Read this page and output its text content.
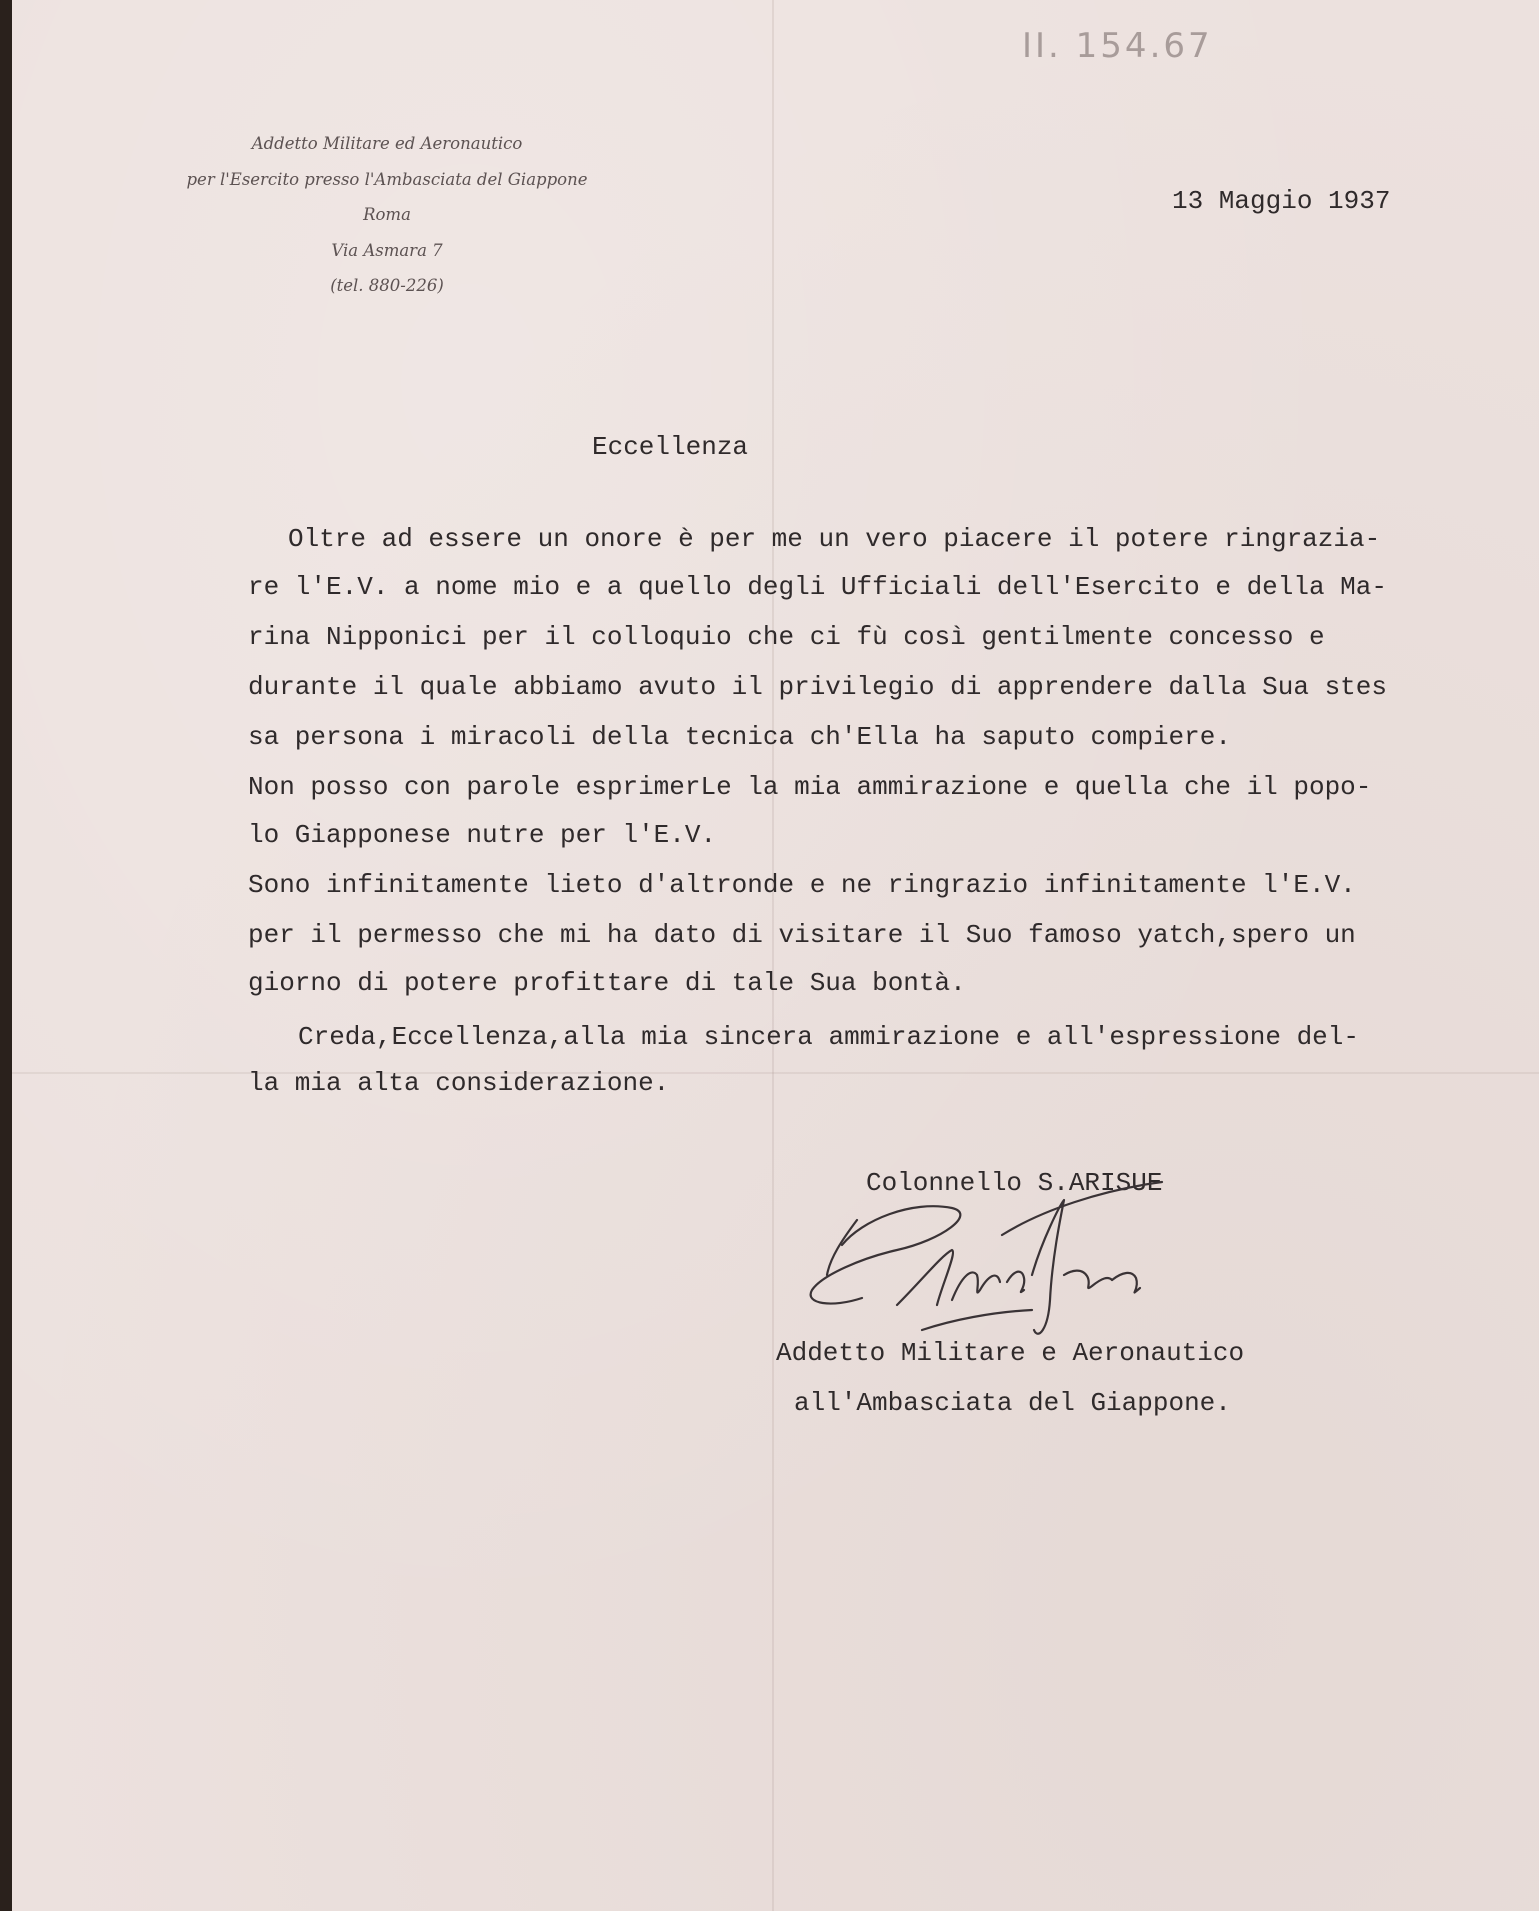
II. 154.67
Addetto Militare ed Aeronautico
per l'Esercito presso l'Ambasciata del Giappone
Roma
Via Asmara 7
(tel. 880-226)
13 Maggio 1937
Eccellenza
Oltre ad essere un onore è per me un vero piacere il potere ringrazia-
re l'E.V. a nome mio e a quello degli Ufficiali dell'Esercito e della Ma-
rina Nipponici per il colloquio che ci fù così gentilmente concesso e
durante il quale abbiamo avuto il privilegio di apprendere dalla Sua stes
sa persona i miracoli della tecnica ch'Ella ha saputo compiere.
Non posso con parole esprimerLe la mia ammirazione e quella che il popo-
lo Giapponese nutre per l'E.V.
Sono infinitamente lieto d'altronde e ne ringrazio infinitamente l'E.V.
per il permesso che mi ha dato di visitare il Suo famoso yatch,spero un
giorno di potere profittare di tale Sua bontà.
Creda,Eccellenza,alla mia sincera ammirazione e all'espressione del-
la mia alta considerazione.
Colonnello S.ARISUE
Addetto Militare e Aeronautico
all'Ambasciata del Giappone.
